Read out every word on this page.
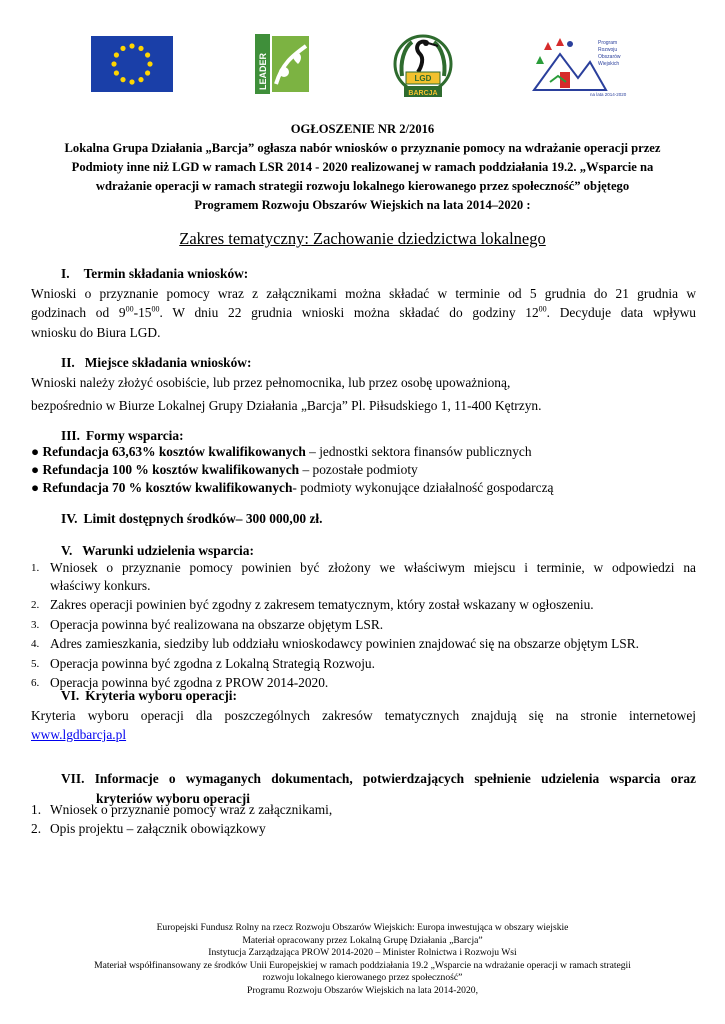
LEADER	LGD
BARCJA
Program
Rozwoju
Obszarów
Wiejskich
na lata 2014-2020
OGŁOSZENIE NR 2/2016
Lokalna Grupa Działania „Barcja” ogłasza nabór wniosków o przyznanie pomocy na wdrażanie operacji przez
Podmioty inne niż LGD w ramach LSR 2014 - 2020 realizowanej w ramach poddziałania 19.2. „Wsparcie na
wdrażanie operacji w ramach strategii rozwoju lokalnego kierowanego przez społeczność” objętego
Programem Rozwoju Obszarów Wiejskich na lata 2014–2020 :
Zakres tematyczny: Zachowanie dziedzictwa lokalnego
I. Termin składania wniosków:
Wnioski o przyznanie pomocy wraz z załącznikami można składać w terminie od 5 grudnia do 21 grudnia w
godzinach od $9^{00}-15^{00}$. W dniu 22 grudnia wnioski można składać do godziny $12^{00}$. Decyduje data wpływu
wniosku do Biura LGD.
II. Miejsce składania wniosków:
Wnioski należy złożyć osobiście, lub przez pełnomocnika, lub przez osobę upoważnioną,
bezpośrednio w Biurze Lokalnej Grupy Działania „Barcja” Pl. Piłsudskiego 1, 11-400 Kętrzyn.
III. Formy wsparcia:
● Refundacja 63,63% kosztów kwalifikowanych – jednostki sektora finansów publicznych
● Refundacja 100 % kosztów kwalifikowanych – pozostałe podmioty
● Refundacja 70 % kosztów kwalifikowanych- podmioty wykonujące działalność gospodarczą
IV. Limit dostępnych środków– 300 000,00 zł.
V. Warunki udzielenia wsparcia:
1. Wniosek o przyznanie pomocy powinien być złożony we właściwym miejscu i terminie, w odpowiedzi na
właściwy konkurs.
2. Zakres operacji powinien być zgodny z zakresem tematycznym, który został wskazany w ogłoszeniu.
3. Operacja powinna być realizowana na obszarze objętym LSR.
4. Adres zamieszkania, siedziby lub oddziału wnioskodawcy powinien znajdować się na obszarze objętym LSR.
5. Operacja powinna być zgodna z Lokalną Strategią Rozwoju.
6. Operacja powinna być zgodna z PROW 2014-2020.
VI. Kryteria wyboru operacji:
Kryteria wyboru operacji dla poszczególnych zakresów tematycznych znajdują się na stronie internetowej
www.lgdbarcja.pl
VII. Informacje o wymaganych dokumentach, potwierdzających spełnienie udzielenia wsparcia oraz
kryteriów wyboru operacji
1. Wniosek o przyznanie pomocy wraz z załącznikami,
2. Opis projektu – załącznik obowiązkowy
Europejski Fundusz Rolny na rzecz Rozwoju Obszarów Wiejskich: Europa inwestująca w obszary wiejskie
Materiał opracowany przez Lokalną Grupę Działania „Barcja”
Instytucja Zarządzająca PROW 2014-2020 – Minister Rolnictwa i Rozwoju Wsi
Materiał współfinansowany ze środków Unii Europejskiej w ramach poddziałania 19.2 „Wsparcie na wdrażanie operacji w ramach strategii
rozwoju lokalnego kierowanego przez społeczność”
Programu Rozwoju Obszarów Wiejskich na lata 2014-2020,
